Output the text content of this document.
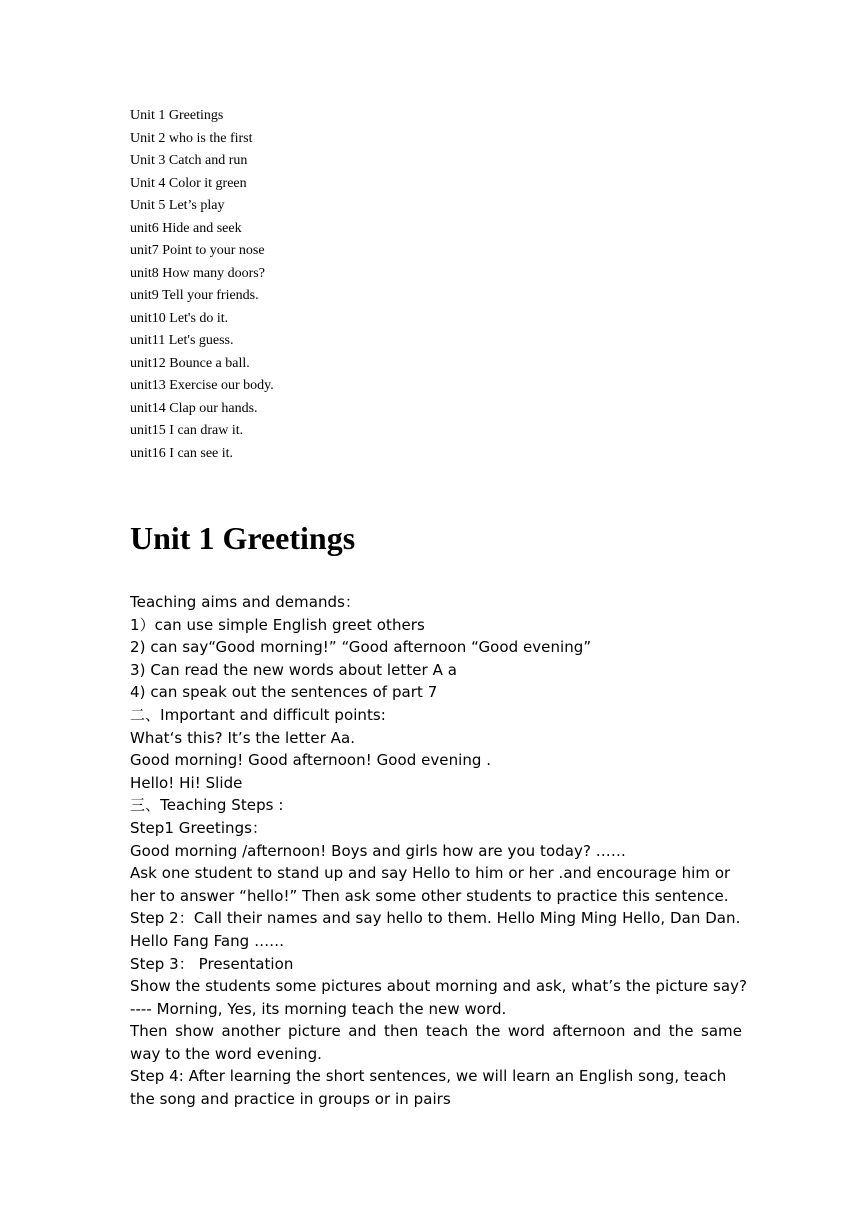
Unit 1 Greetings
Unit 2 who is the first
Unit 3 Catch and run
Unit 4 Color it green
Unit 5 Let’s play
unit6 Hide and seek
unit7 Point to your nose
unit8 How many doors?
unit9 Tell your friends.
unit10 Let's do it.
unit11 Let's guess.
unit12 Bounce a ball.
unit13 Exercise our body.
unit14 Clap our hands.
unit15 I can draw it.
unit16 I can see it.
Unit 1 Greetings
Teaching aims and demands：
1）can use simple English greet others
2) can say“Good morning!” “Good afternoon “Good evening”
3) Can read the new words about letter A a
4) can speak out the sentences of part 7
二、Important and difficult points:
What‘s this? It’s the letter Aa.
Good morning! Good afternoon! Good evening .
Hello! Hi! Slide
三、Teaching Steps :
Step1 Greetings：
Good morning /afternoon! Boys and girls how are you today? ……
Ask one student to stand up and say Hello to him or her .and encourage him or
her to answer “hello!” Then ask some other students to practice this sentence.
Step 2：Call their names and say hello to them. Hello Ming Ming Hello, Dan Dan.
Hello Fang Fang ……
Step 3： Presentation
Show the students some pictures about morning and ask, what’s the picture say?
---- Morning, Yes, its morning teach the new word.
Then show another picture and then teach the word afternoon and the same
way to the word evening.
Step 4: After learning the short sentences, we will learn an English song, teach
the song and practice in groups or in pairs
